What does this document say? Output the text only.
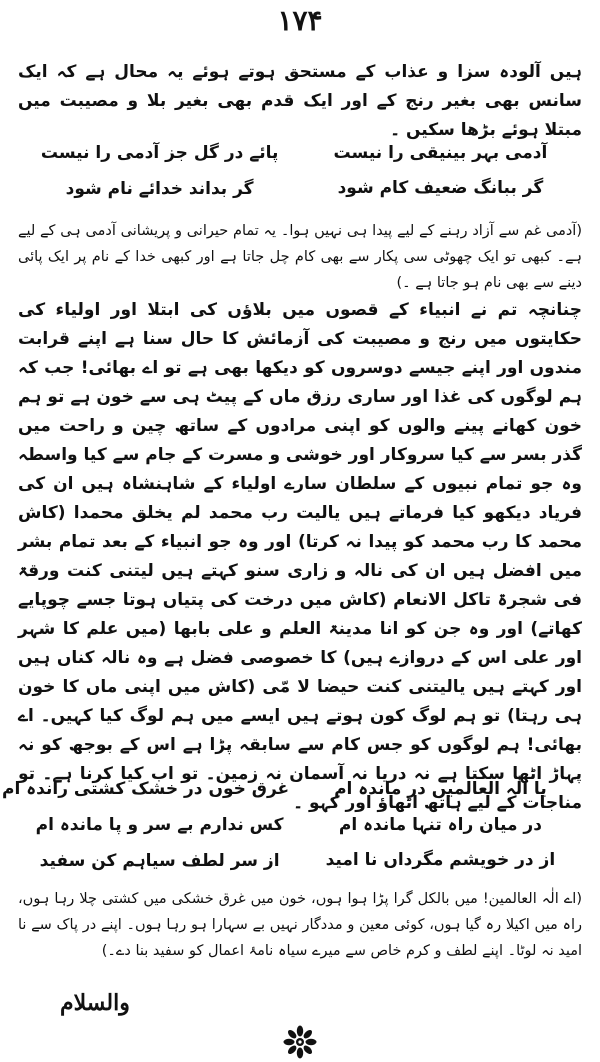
۱۷۴
ہیں آلودہ سزا و عذاب کے مستحق ہوتے ہوئے یہ محال ہے کہ ایک سانس بھی بغیر رنج کے اور ایک قدم بھی بغیر بلا و مصیبت میں مبتلا ہوئے بڑھا سکیں ۔
آدمی بہر بینیقی را نیست
پائے در گل جز آدمی را نیست
گر ببانگ ضعیف کام شود
گر بداند خدائے نام شود
(آدمی غم سے آزاد رہنے کے لیے پیدا ہی نہیں ہوا۔ یہ تمام حیرانی و پریشانی آدمی ہی کے لیے ہے۔ کبھی تو ایک چھوٹی سی پکار سے بھی کام چل جاتا ہے اور کبھی خدا کے نام پر ایک پائی دینے سے بھی نام ہو جاتا ہے ۔)
چنانچہ تم نے انبیاء کے قصوں میں بلاؤں کی ابتلا اور اولیاء کی حکایتوں میں رنج و مصیبت کی آزمائش کا حال سنا ہے اپنے قرابت مندوں اور اپنے جیسے دوسروں کو دیکھا بھی ہے تو اے بھائی! جب کہ ہم لوگوں کی غذا اور ساری رزق ماں کے پیٹ ہی سے خون ہے تو ہم خون کھانے پینے والوں کو اپنی مرادوں کے ساتھ چین و راحت میں گذر بسر سے کیا سروکار اور خوشی و مسرت کے جام سے کیا واسطہ وہ جو تمام نبیوں کے سلطان سارے اولیاء کے شاہنشاہ ہیں ان کی فریاد دیکھو کیا فرماتے ہیں یالیت رب محمد لم یخلق محمدا (کاش محمد کا رب محمد کو پیدا نہ کرتا) اور وہ جو انبیاء کے بعد تمام بشر میں افضل ہیں ان کی نالہ و زاری سنو کہتے ہیں لیتنی کنت ورقۃ فی شجرۃ تاکل الانعام (کاش میں درخت کی پتیاں ہوتا جسے چوپایے کھاتے) اور وہ جن کو انا مدینۃ العلم و علی بابھا (میں علم کا شہر اور علی اس کے دروازے ہیں) کا خصوصی فضل ہے وہ نالہ کناں ہیں اور کہتے ہیں یالیتنی کنت حیضا لا مّی (کاش میں اپنی ماں کا خون ہی رہتا) تو ہم لوگ کون ہوتے ہیں ایسے میں ہم لوگ کیا کہیں۔ اے بھائی! ہم لوگوں کو جس کام سے سابقہ پڑا ہے اس کے بوجھ کو نہ پہاڑ اٹھا سکتا ہے نہ دریا نہ آسمان نہ زمین۔ تو اب کیا کرنا ہے۔ تو مناجات کے لیے ہاتھ اٹھاؤ اور کہو ۔
یا الٰہ العالمیں در ماندہ ام
غرق خوں در خشک کشتی راندہ ام
در میان راہ تنہا ماندہ ام
کس ندارم بے سر و پا ماندہ ام
از در خویشم مگرداں نا امید
از سر لطف سیاہم کن سفید
(اے الٰہ العالمین! میں بالکل گرا پڑا ہوا ہوں، خون میں غرق خشکی میں کشتی چلا رہا ہوں، راہ میں اکیلا رہ گیا ہوں، کوئی معین و مددگار نہیں بے سہارا ہو رہا ہوں۔ اپنے در پاک سے نا امید نہ لوٹا۔ اپنے لطف و کرم خاص سے میرے سیاہ نامۂ اعمال کو سفید بنا دے۔)
والسلام
